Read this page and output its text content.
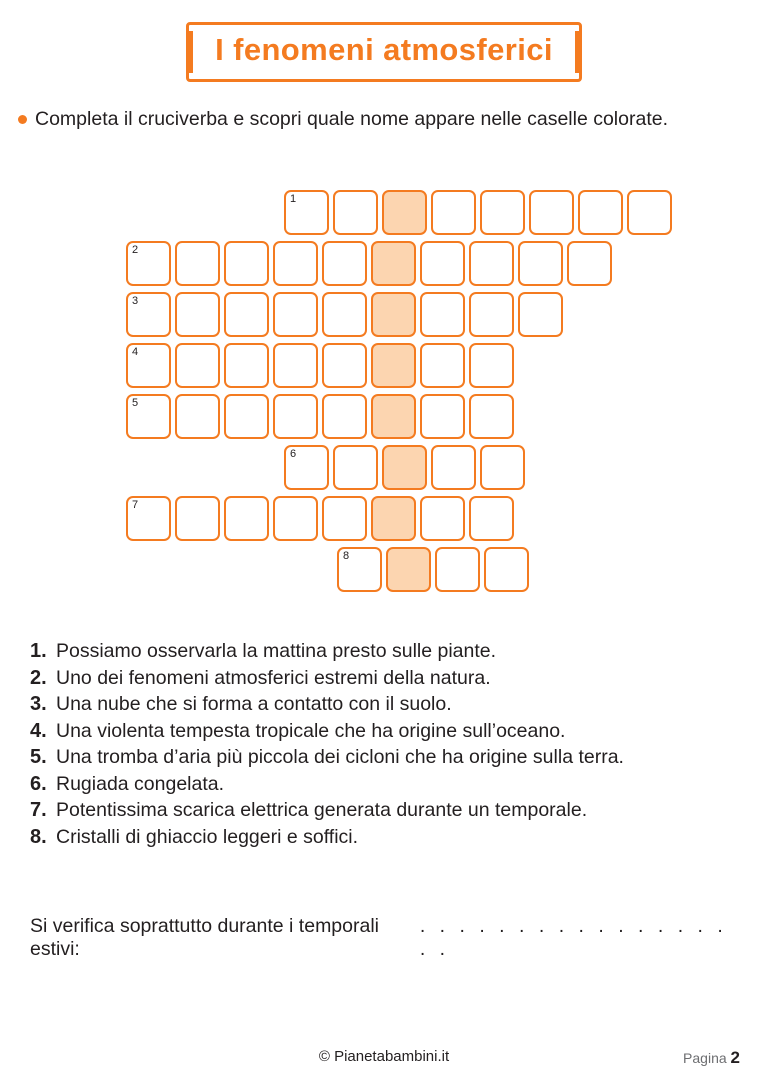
I fenomeni atmosferici
Completa il cruciverba e scopri quale nome appare nelle caselle colorate.
1
2
3
4
5
6
7
8
1. Possiamo osservarla la mattina presto sulle piante.
2. Uno dei fenomeni atmosferici estremi della natura.
3. Una nube che si forma a contatto con il suolo.
4. Una violenta tempesta tropicale che ha origine sull’oceano.
5. Una tromba d’aria più piccola dei cicloni che ha origine sulla terra.
6. Rugiada congelata.
7. Potentissima scarica elettrica generata durante un temporale.
8. Cristalli di ghiaccio leggeri e soffici.
Si verifica soprattutto durante i temporali estivi:
. . . . . . . . . . . . . . . . . .
© Pianetabambini.it	Pagina 2
